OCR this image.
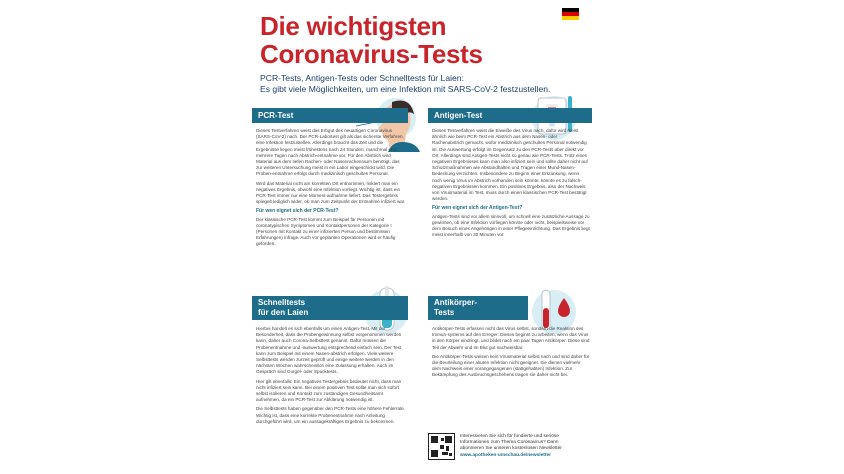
Die wichtigsten
Coronavirus-Tests
PCR-Tests, Antigen-Tests oder Schnelltests für Laien:
Es gibt viele Möglichkeiten, um eine Infektion mit SARS-CoV-2 festzustellen.
PCR-Test	Antigen-Test

Dieses Testverfahren weist das Erbgut des neuartigen Coronavirus (SARS-CoV-2) nach. Der PCR-Labortest gilt als das sicherste Verfahren, eine Infektion festzustellen. Allerdings braucht das Zeit und die Ergebnisse liegen meist frühestens nach 24 Stunden, manchmal erst mehrere Tagen nach Abstrich-entnahme vor. Für den Abstrich wird Material aus dem tiefen Rachen- oder Nasenrachenraum benötigt, das zur weiteren Untersuchung meist in ein Labor eingeschickt wird. Die Proben-entnahme erfolgt durch medizinisch geschultes Personal.

Wird das Material nicht am korrekten Ort entnommen, riskiert man ein negatives Ergebnis, obwohl eine Infektion vorliegt. Wichtig ist, dass ein PCR-Test immer nur eine Moment-aufnahme liefert. Das Testergebnis spiegelt lediglich wider, ob man zum Zeitpunkt der Entnahme infiziert war.

Für wen eignet sich der PCR-Test?

Der klassische PCR-Test kommt zum Beispiel für Personen mit coronatypischen Symptomen und Kontaktpersonen der Kategorie I (Personen mit Kontakt zu einer infizierten Person und bestimmten Erfahrungen) infrage. Auch vor geplanten Operationen wird er häufig gefordert.

Dieses Testverfahren weist die Eiweiße des Virus nach, dafür wird meist ähnlich wie beim PCR-Test ein Abstrich aus dem Nasen- oder Rachenabstrich gemacht, wofür medizinisch geschultes Personal notwendig ist. Die Auswertung erfolgt im Gegensatz zu den PCR-Tests aber direkt vor Ort. Allerdings sind Antigen-Tests nicht so genau wie PCR-Tests. Trotz eines negativen Ergebnisses kann man also infiziert sein und sollte daher nicht auf Schutzmaßnahmen wie Abstandhalten und Tragen einer Mund-Nasen-Bedeckung verzichten. Insbesondere zu Beginn einer Erkrankung, wenn noch wenig Virus im Abstrich vorhanden sein könnte, könnte es zu falsch-negativen Ergebnissen kommen. Ein positives Ergebnis, also der Nachweis von Virusmaterial im Test, muss durch einen klassischen PCR-Test bestätigt werden.

Für wen eignet sich der Antigen-Test?

Antigen-Tests sind vor allem sinnvoll, um schnell eine zusätzliche Aussage zu gewinnen, ob eine Infektion vorliegen könnte oder nicht, beispielsweise vor dem Besuch eines Angehörigen in einer Pflegeeinrichtung. Das Ergebnis liegt meist innerhalb von 30 Minuten vor.

Schnelltests
für den Laien
Antikörper-
Tests

Hierbei handelt es sich ebenfalls um einen Antigen-Test. Mit der Besonderheit, dass die Probengewinnung selbst vorgenommen werden kann, daher auch Corona-Selbsttest genannt. Dafür müssen die Probenentnahme und -auswertung entsprechend einfach sein. Der Test kann zum Beispiel mit einem Nasen-abstrich erfolgen. Viele weitere Selbsttests werden zurzeit geprüft und einige weitere werden in den nächsten Wochen wahrscheinlich eine Zulassung erhalten. Auch im Gespräch sind Gurgel- oder Spucktests.

Hier gilt ebenfalls: Ein negatives Testergebnis bedeutet nicht, dass man nicht infiziert sein kann. Bei einem positiven Test sollte man sich sofort selbst isolieren und Kontakt zum zuständigen Gesundheitsamt aufnehmen, da ein PCR-Test zur Abklärung notwendig ist.

Die Selbsttests haben gegenüber den PCR-Tests eine höhere Fehlerrate. Wichtig ist, dass eine korrekte Probenentnahme nach Anleitung durchgeführt wird, um ein aussagekräftiges Ergebnis zu bekommen.

Antikörper-Tests erfassen nicht das Virus selbst, sondern die Reaktion des Immun-systems auf den Erreger: Dieses beginnt zu arbeiten, wenn das Virus in den Körper eindringt, und bildet nach ein paar Tagen Antikörper. Diese sind Teil der Abwehr und im Blut gut nachweisbar.

Die Antikörper-Tests weisen kein Virusmaterial selbst nach und sind daher für die Beurteilung einer akuten Infektion nicht geeignet. Sie dienen vielmehr dem Nachweis einer vorangegangenen (stattgehabten) Infektion. Zur Bekämpfung des Ausbruchsgeschehens tragen sie daher nicht bei.

Interessieren Sie sich für fundierte und seriöse
Informationen zum Thema Coronavirus? Dann
abonnieren Sie unseren kostenlosen Newsletter
www.apotheken-umschau.de/newsletter
